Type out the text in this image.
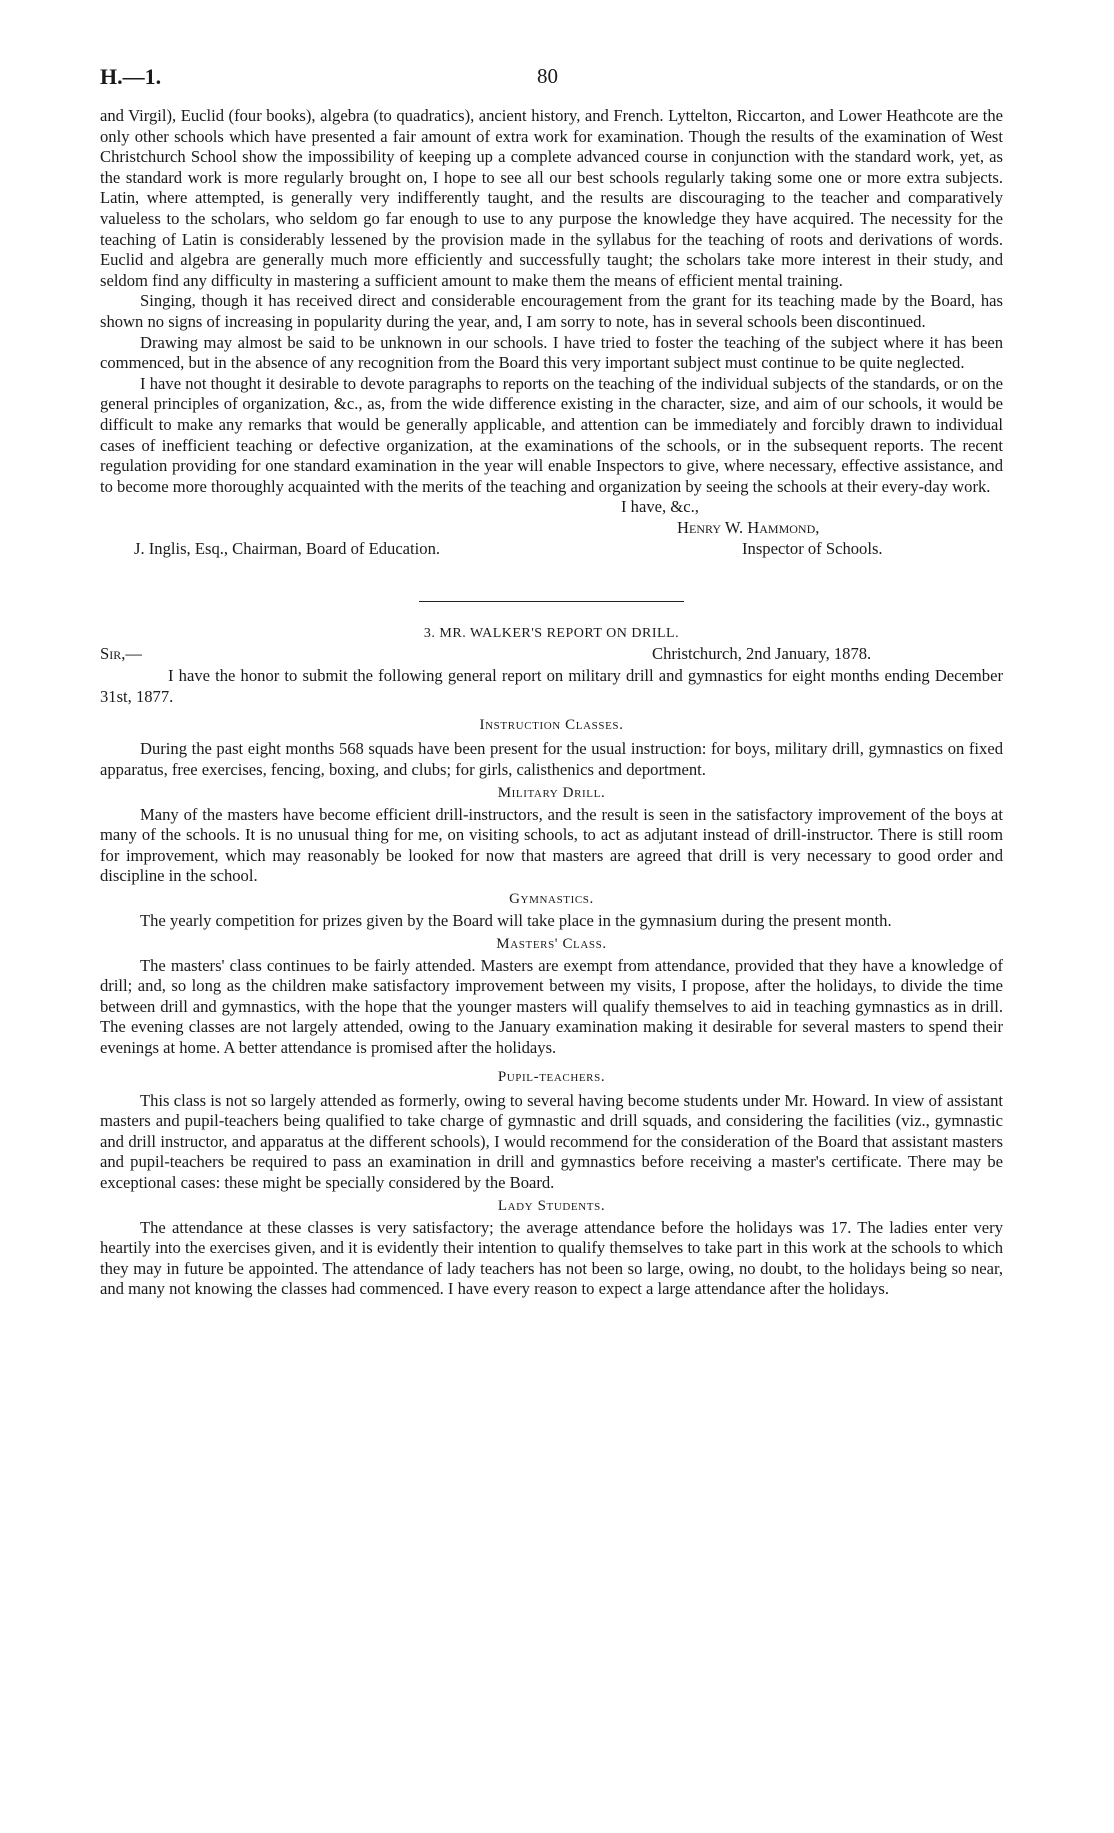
H.—1.	80

and Virgil), Euclid (four books), algebra (to quadratics), ancient history, and French. Lyttelton, Riccarton, and Lower Heathcote are the only other schools which have presented a fair amount of extra work for examination. Though the results of the examination of West Christchurch School show the impossibility of keeping up a complete advanced course in conjunction with the standard work, yet, as the standard work is more regularly brought on, I hope to see all our best schools regularly taking some one or more extra subjects. Latin, where attempted, is generally very indifferently taught, and the results are discouraging to the teacher and comparatively valueless to the scholars, who seldom go far enough to use to any purpose the knowledge they have acquired. The necessity for the teaching of Latin is considerably lessened by the provision made in the syllabus for the teaching of roots and derivations of words. Euclid and algebra are generally much more efficiently and successfully taught; the scholars take more interest in their study, and seldom find any difficulty in mastering a sufficient amount to make them the means of efficient mental training.

Singing, though it has received direct and considerable encouragement from the grant for its teaching made by the Board, has shown no signs of increasing in popularity during the year, and, I am sorry to note, has in several schools been discontinued.

Drawing may almost be said to be unknown in our schools. I have tried to foster the teaching of the subject where it has been commenced, but in the absence of any recognition from the Board this very important subject must continue to be quite neglected.

I have not thought it desirable to devote paragraphs to reports on the teaching of the individual subjects of the standards, or on the general principles of organization, &c., as, from the wide difference existing in the character, size, and aim of our schools, it would be difficult to make any remarks that would be generally applicable, and attention can be immediately and forcibly drawn to individual cases of inefficient teaching or defective organization, at the examinations of the schools, or in the subsequent reports. The recent regulation providing for one standard examination in the year will enable Inspectors to give, where necessary, effective assistance, and to become more thoroughly acquainted with the merits of the teaching and organization by seeing the schools at their every-day work.

I have, &c.,
Henry W. Hammond,
J. Inglis, Esq., Chairman, Board of Education.	Inspector of Schools.

3. MR. WALKER'S REPORT ON DRILL.

Sir,—	Christchurch, 2nd January, 1878.

I have the honor to submit the following general report on military drill and gymnastics for eight months ending December 31st, 1877.

Instruction Classes.

During the past eight months 568 squads have been present for the usual instruction: for boys, military drill, gymnastics on fixed apparatus, free exercises, fencing, boxing, and clubs; for girls, calisthenics and deportment.

Military Drill.

Many of the masters have become efficient drill-instructors, and the result is seen in the satisfactory improvement of the boys at many of the schools. It is no unusual thing for me, on visiting schools, to act as adjutant instead of drill-instructor. There is still room for improvement, which may reasonably be looked for now that masters are agreed that drill is very necessary to good order and discipline in the school.

Gymnastics.

The yearly competition for prizes given by the Board will take place in the gymnasium during the present month.

Masters' Class.

The masters' class continues to be fairly attended. Masters are exempt from attendance, provided that they have a knowledge of drill; and, so long as the children make satisfactory improvement between my visits, I propose, after the holidays, to divide the time between drill and gymnastics, with the hope that the younger masters will qualify themselves to aid in teaching gymnastics as in drill. The evening classes are not largely attended, owing to the January examination making it desirable for several masters to spend their evenings at home. A better attendance is promised after the holidays.

Pupil-teachers.

This class is not so largely attended as formerly, owing to several having become students under Mr. Howard. In view of assistant masters and pupil-teachers being qualified to take charge of gymnastic and drill squads, and considering the facilities (viz., gymnastic and drill instructor, and apparatus at the different schools), I would recommend for the consideration of the Board that assistant masters and pupil-teachers be required to pass an examination in drill and gymnastics before receiving a master's certificate. There may be exceptional cases: these might be specially considered by the Board.

Lady Students.

The attendance at these classes is very satisfactory; the average attendance before the holidays was 17. The ladies enter very heartily into the exercises given, and it is evidently their intention to qualify themselves to take part in this work at the schools to which they may in future be appointed. The attendance of lady teachers has not been so large, owing, no doubt, to the holidays being so near, and many not knowing the classes had commenced. I have every reason to expect a large attendance after the holidays.
